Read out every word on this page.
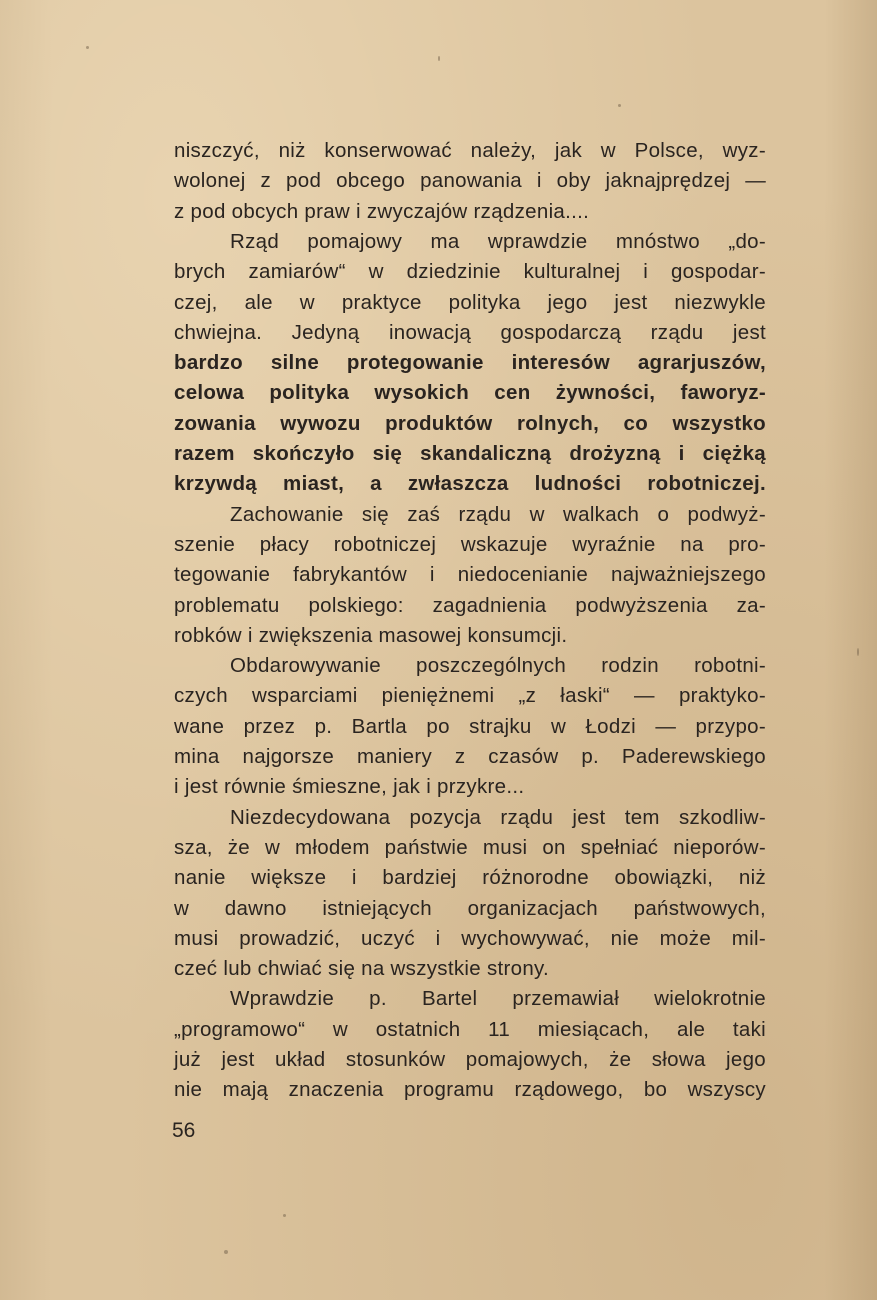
niszczyć, niż konserwować należy, jak w Polsce, wyz-
wolonej z pod obcego panowania i oby jaknajprędzej —
z pod obcych praw i zwyczajów rządzenia....
Rząd pomajowy ma wprawdzie mnóstwo „do-
brych zamiarów“ w dziedzinie kulturalnej i gospodar-
czej, ale w praktyce polityka jego jest niezwykle
chwiejna. Jedyną inowacją gospodarczą rządu jest
bardzo silne protegowanie interesów agrarjuszów,
celowa polityka wysokich cen żywności, faworyz-
zowania wywozu produktów rolnych, co wszystko
razem skończyło się skandaliczną drożyzną i ciężką
krzywdą miast, a zwłaszcza ludności robotniczej.
Zachowanie się zaś rządu w walkach o podwyż-
szenie płacy robotniczej wskazuje wyraźnie na pro-
tegowanie fabrykantów i niedocenianie najważniejszego
problematu polskiego: zagadnienia podwyższenia za-
robków i zwiększenia masowej konsumcji.
Obdarowywanie poszczególnych rodzin robotni-
czych wsparciami pieniężnemi „z łaski“ — praktyko-
wane przez p. Bartla po strajku w Łodzi — przypo-
mina najgorsze maniery z czasów p. Paderewskiego
i jest równie śmieszne, jak i przykre...
Niezdecydowana pozycja rządu jest tem szkodliw-
sza, że w młodem państwie musi on spełniać nieporów-
nanie większe i bardziej różnorodne obowiązki, niż
w dawno istniejących organizacjach państwowych,
musi prowadzić, uczyć i wychowywać, nie może mil-
czeć lub chwiać się na wszystkie strony.
Wprawdzie p. Bartel przemawiał wielokrotnie
„programowo“ w ostatnich 11 miesiącach, ale taki
już jest układ stosunków pomajowych, że słowa jego
nie mają znaczenia programu rządowego, bo wszyscy
56
